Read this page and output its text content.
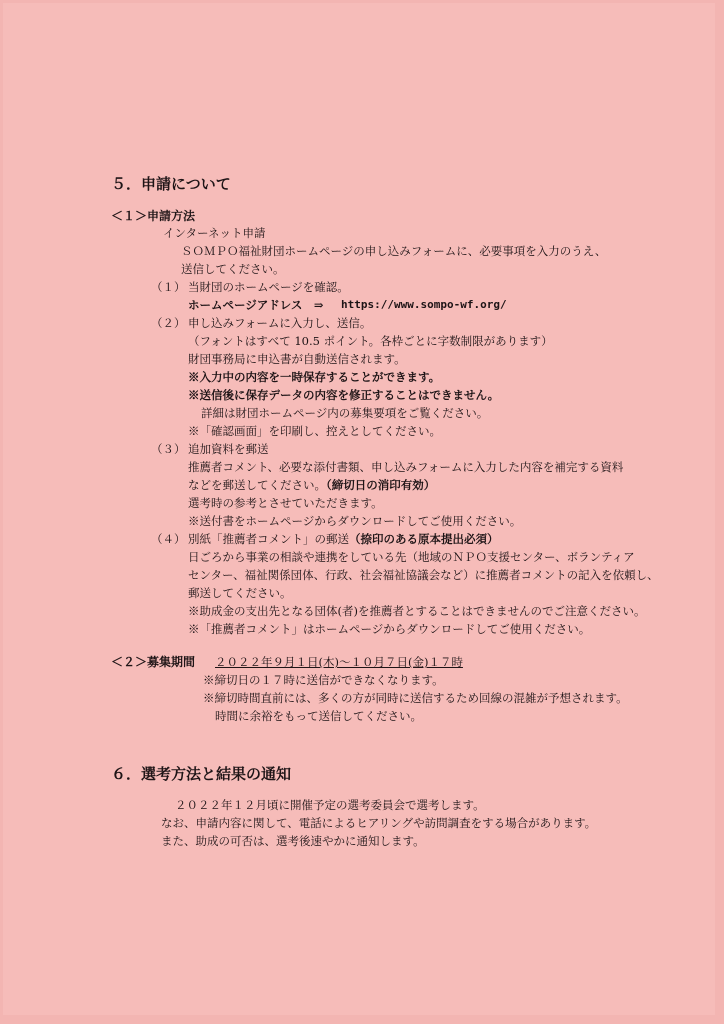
５．申請について
＜１＞申請方法
インターネット申請
ＳＯＭＰＯ福祉財団ホームページの申し込みフォームに、必要事項を入力のうえ、
送信してください。
（１） 当財団のホームページを確認。
ホームページアドレス　⇒ https://www.sompo-wf.org/
（２） 申し込みフォームに入力し、送信。
（フォントはすべて 10.5 ポイント。各枠ごとに字数制限があります）
財団事務局に申込書が自動送信されます。
※入力中の内容を一時保存することができます。
※送信後に保存データの内容を修正することはできません。
詳細は財団ホームページ内の募集要項をご覧ください。
※「確認画面」を印刷し、控えとしてください。
（３） 追加資料を郵送
推薦者コメント、必要な添付書類、申し込みフォームに入力した内容を補完する資料
などを郵送してください。（締切日の消印有効）
選考時の参考とさせていただきます。
※送付書をホームページからダウンロードしてご使用ください。
（４） 別紙「推薦者コメント」の郵送（捺印のある原本提出必須）
日ごろから事業の相談や連携をしている先（地域のＮＰＯ支援センター、ボランティア
センター、福祉関係団体、行政、社会福祉協議会など）に推薦者コメントの記入を依頼し、
郵送してください。
※助成金の支出先となる団体(者)を推薦者とすることはできませんのでご注意ください。
※「推薦者コメント」はホームページからダウンロードしてご使用ください。
＜２＞募集期間 ２０２２年９月１日(木)〜１０月７日(金)１７時
※締切日の１７時に送信ができなくなります。
※締切時間直前には、多くの方が同時に送信するため回線の混雑が予想されます。
時間に余裕をもって送信してください。
６．選考方法と結果の通知
２０２２年１２月頃に開催予定の選考委員会で選考します。
なお、申請内容に関して、電話によるヒアリングや訪問調査をする場合があります。
また、助成の可否は、選考後速やかに通知します。
